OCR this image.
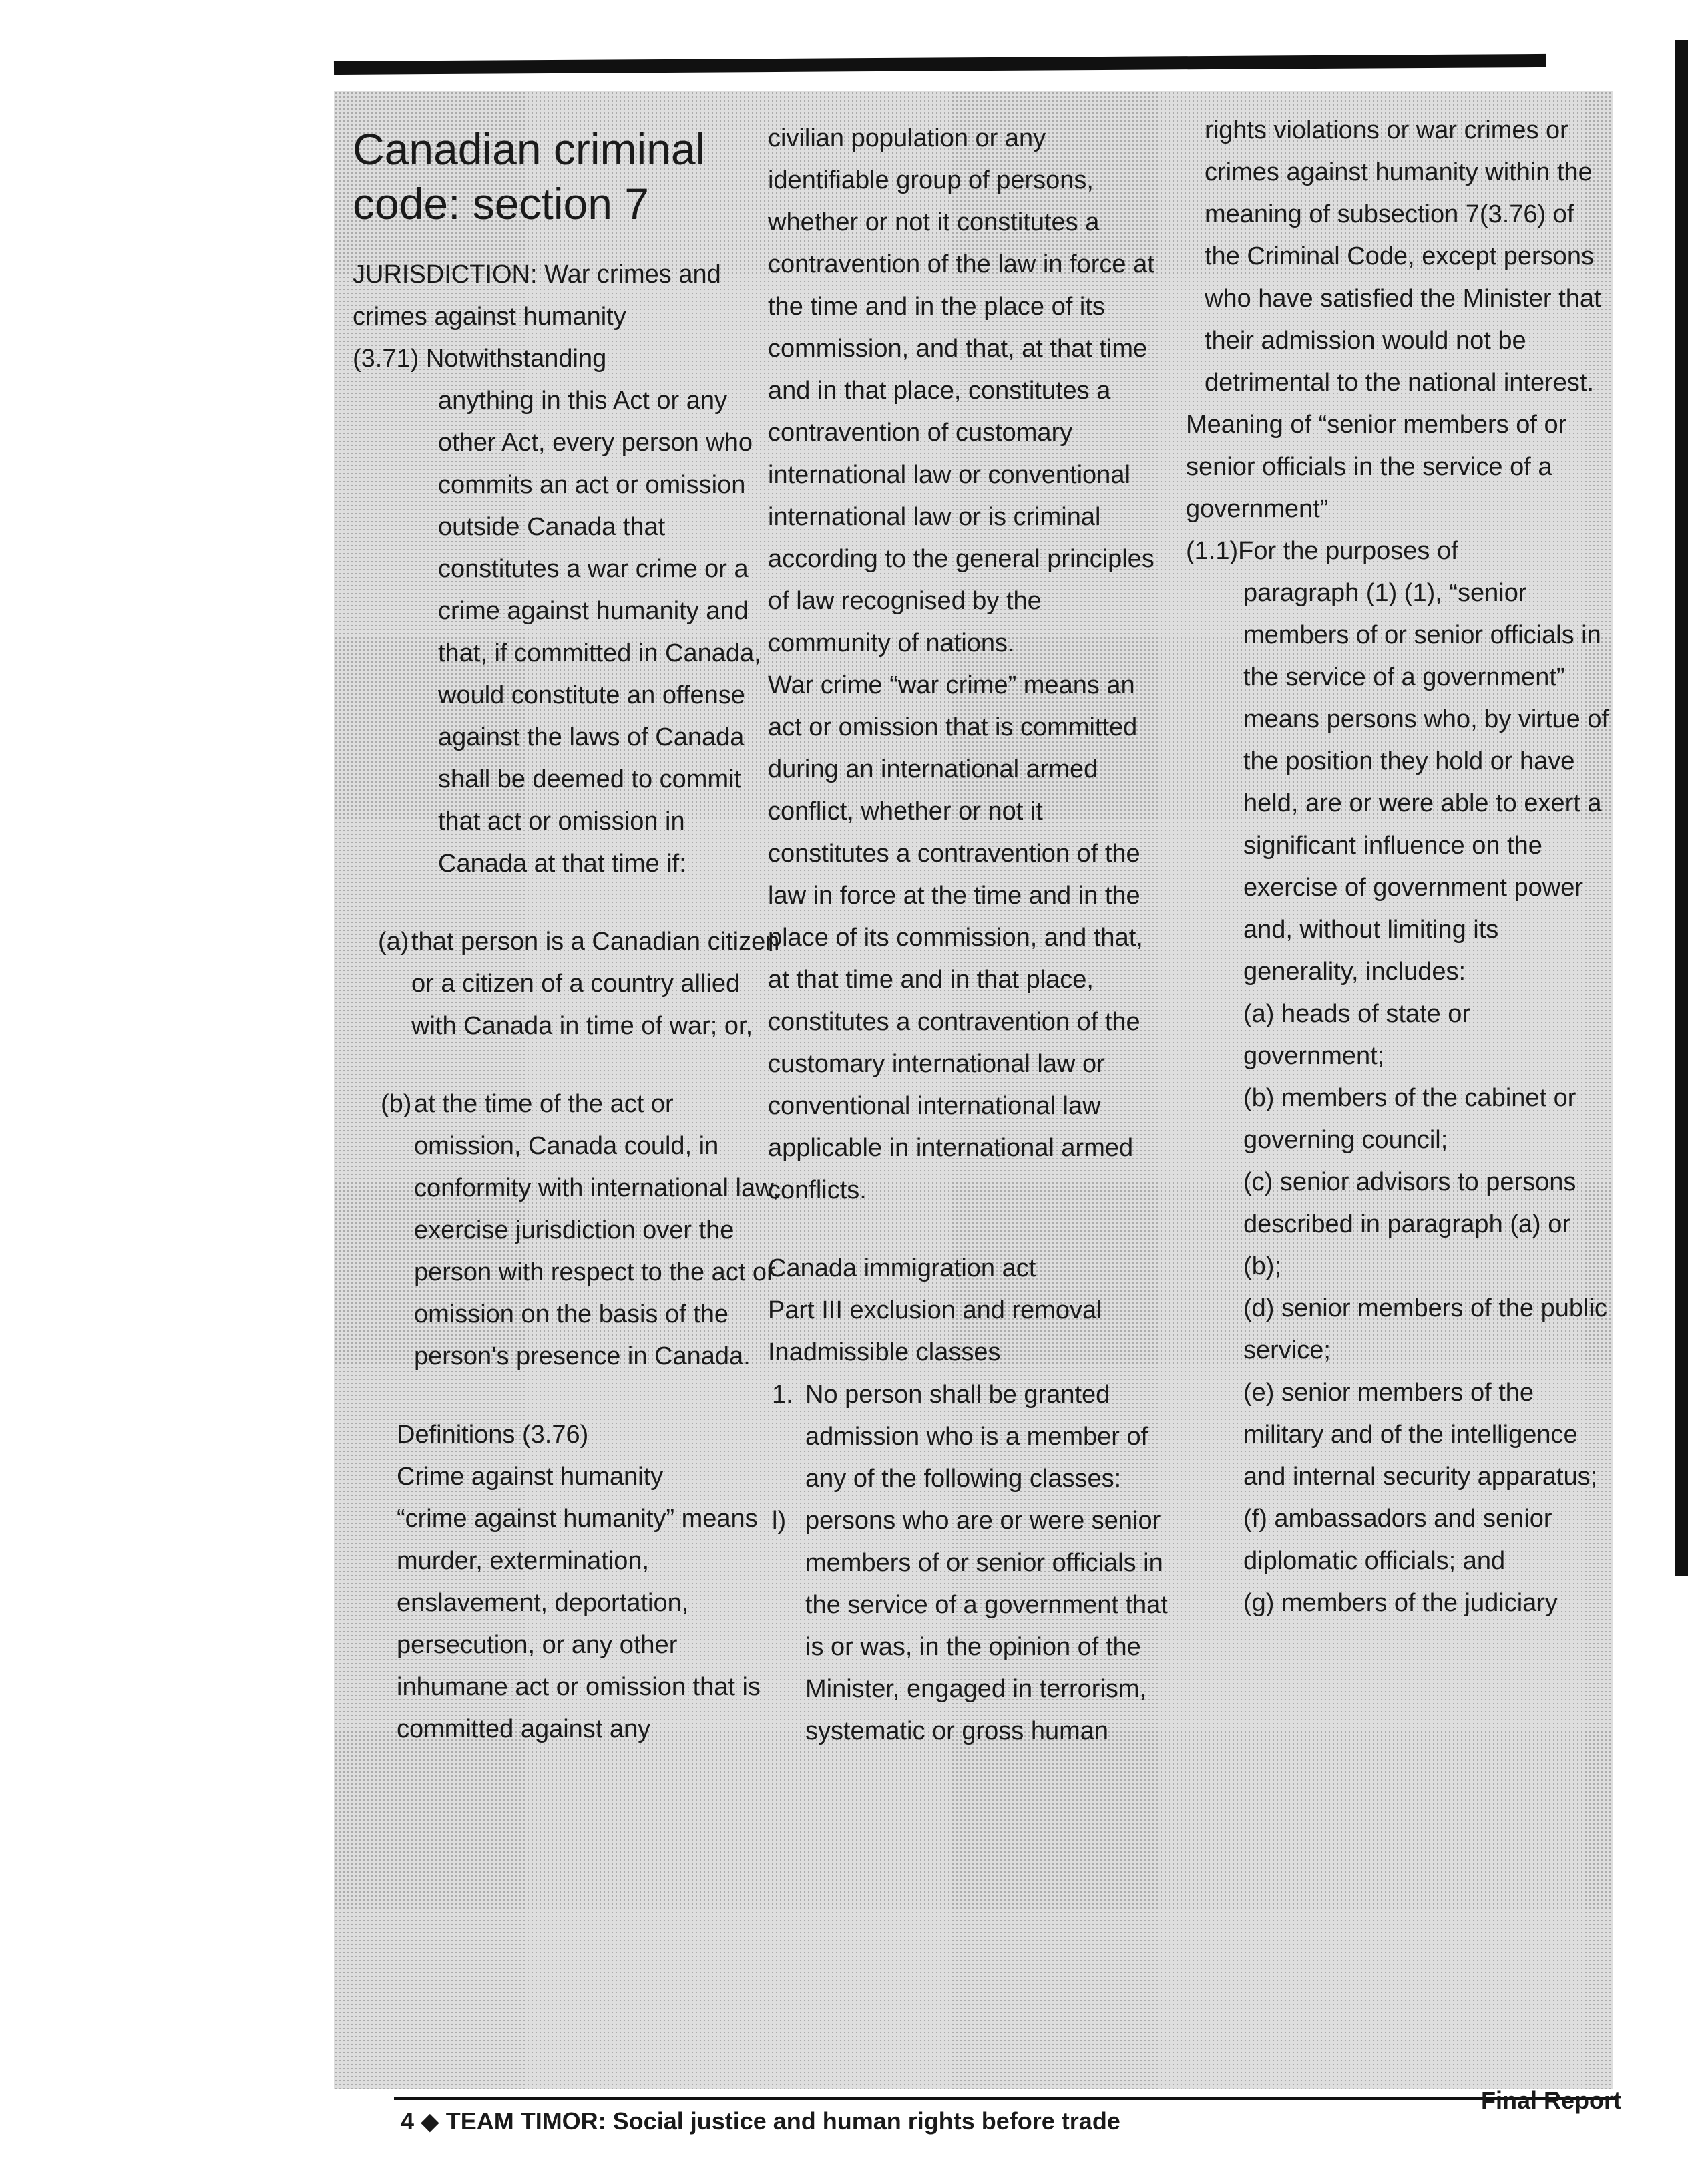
Canadian criminal code: section 7

JURISDICTION: War crimes and crimes against humanity

(3.71) Notwithstanding

anything in this Act or any other Act, every person who commits an act or omission outside Canada that constitutes a war crime or a crime against humanity and that, if committed in Canada, would constitute an offense against the laws of Canada shall be deemed to commit that act or omission in Canada at that time if:

(a) that person is a Canadian citizen or a citizen of a country allied with Canada in time of war; or,
(b) at the time of the act or omission, Canada could, in conformity with international law, exercise jurisdiction over the person with respect to the act or omission on the basis of the person's presence in Canada.

Definitions (3.76)

Crime against humanity

“crime against humanity” means murder, extermination, enslavement, deportation, persecution, or any other inhumane act or omission that is committed against any

civilian population or any identifiable group of persons, whether or not it constitutes a contravention of the law in force at the time and in the place of its commission, and that, at that time and in that place, constitutes a contravention of customary international law or conventional international law or is criminal according to the general principles of law recognised by the community of nations.

War crime “war crime” means an act or omission that is committed during an international armed conflict, whether or not it constitutes a contravention of the law in force at the time and in the place of its commission, and that, at that time and in that place, constitutes a contravention of the customary international law or conventional international law applicable in international armed conflicts.

Canada immigration act

Part III exclusion and removal

Inadmissible classes

1. No person shall be granted admission who is a member of any of the following classes:
l) persons who are or were senior members of or senior officials in the service of a government that is or was, in the opinion of the Minister, engaged in terrorism, systematic or gross human

rights violations or war crimes or crimes against humanity within the meaning of subsection 7(3.76) of the Criminal Code, except persons who have satisfied the Minister that their admission would not be detrimental to the national interest.

Meaning of “senior members of or senior officials in the service of a government”

(1.1)For the purposes of

paragraph (1) (1), “senior members of or senior officials in the service of a government” means persons who, by virtue of the position they hold or have held, are or were able to exert a significant influence on the exercise of government power and, without limiting its generality, includes:

(a) heads of state or government;

(b) members of the cabinet or governing council;

(c) senior advisors to persons described in paragraph (a) or (b);

(d) senior members of the public service;

(e) senior members of the military and of the intelligence and internal security apparatus;

(f) ambassadors and senior diplomatic officials; and

(g) members of the judiciary

4 ◆ TEAM TIMOR: Social justice and human rights before trade
Final Report
